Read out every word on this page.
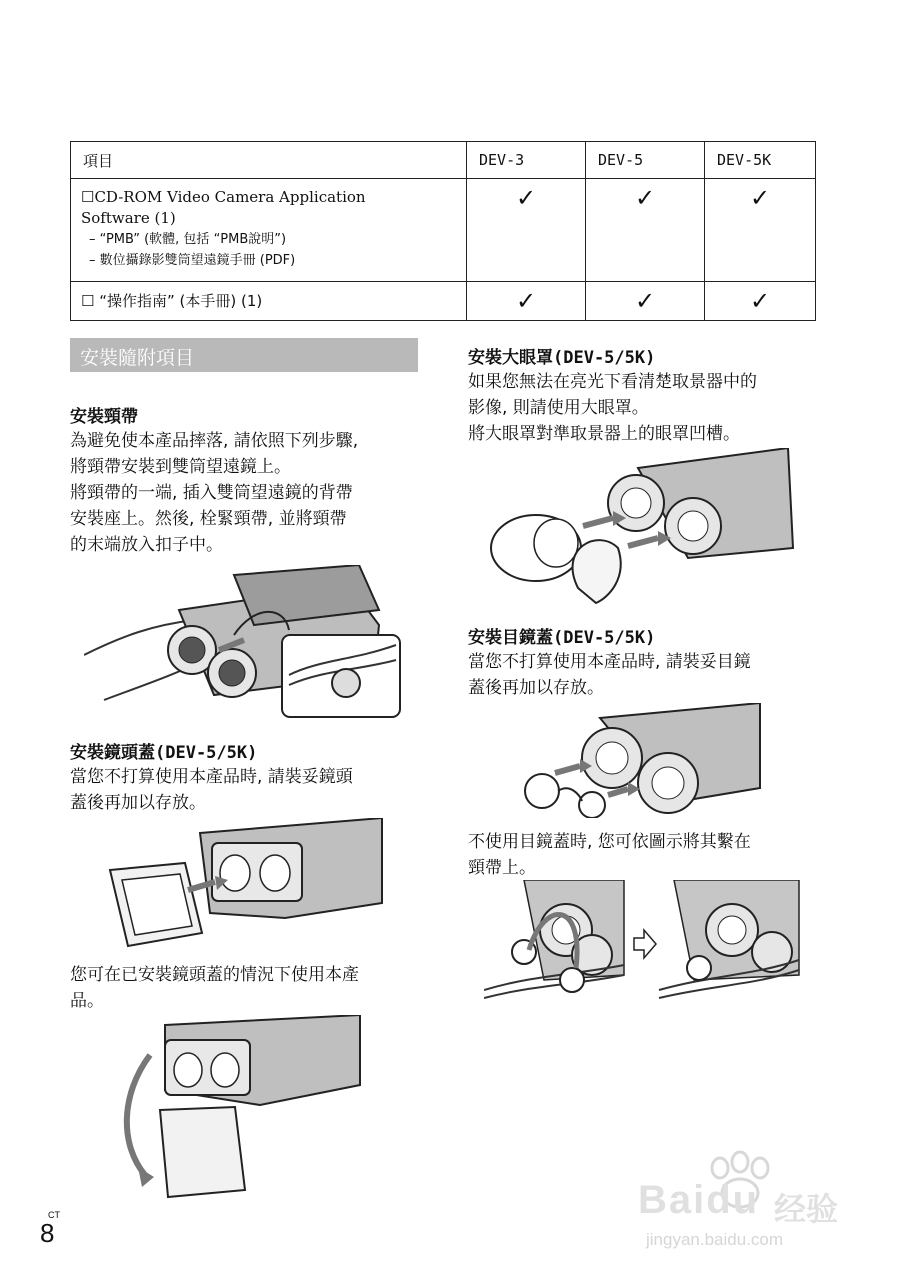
項目	DEV-3	DEV-5	DEV-5K

☐CD-ROM Video Camera Application
Software (1)
– “PMB” (軟體, 包括 “PMB說明”)
– 數位攝錄影雙筒望遠鏡手冊 (PDF)	✓	✓	✓
☐ “操作指南” (本手冊) (1)	✓	✓	✓
安裝隨附項目
安裝頸帶
為避免使本產品摔落, 請依照下列步驟,
將頸帶安裝到雙筒望遠鏡上。
將頸帶的一端, 插入雙筒望遠鏡的背帶
安裝座上。然後, 栓緊頸帶, 並將頸帶
的末端放入扣子中。
安裝鏡頭蓋(DEV-5/5K)
當您不打算使用本產品時, 請裝妥鏡頭
蓋後再加以存放。
您可在已安裝鏡頭蓋的情況下使用本產
品。
安裝大眼罩(DEV-5/5K)
如果您無法在亮光下看清楚取景器中的
影像, 則請使用大眼罩。
將大眼罩對準取景器上的眼罩凹槽。
安裝目鏡蓋(DEV-5/5K)
當您不打算使用本產品時, 請裝妥目鏡
蓋後再加以存放。
不使用目鏡蓋時, 您可依圖示將其繫在
頸帶上。
CT
8
Baidu 经验
jingyan.baidu.com
